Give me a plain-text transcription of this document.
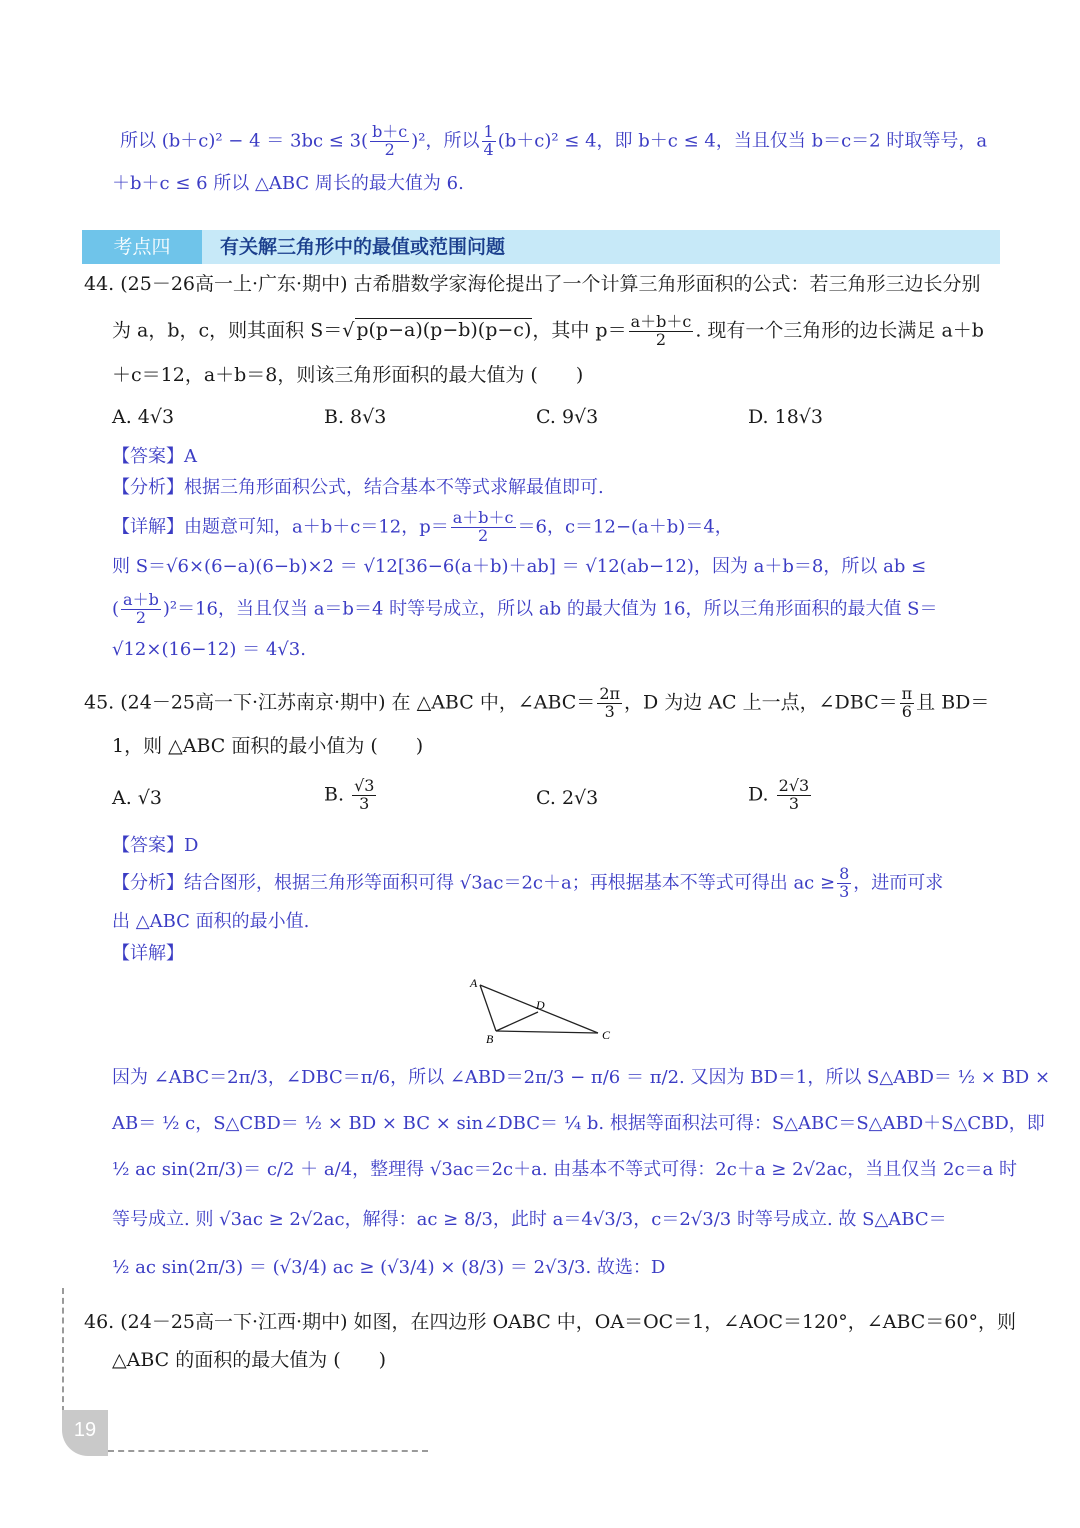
所以 $(b+c)^2 - 4 = 3bc \le 3( \frac{b+c}{2} )^2$，所以 $\frac{1}{4} (b+c)^2 \le 4$，即 b＋c ≤ 4，当且仅当 b＝c＝2 时取等号，a
＋b＋c ≤ 6 所以 △ABC 周长的最大值为 6.
考点四	有关解三角形中的最值或范围问题
44. (25－26高一上·广东·期中) 古希腊数学家海伦提出了一个计算三角形面积的公式：若三角形三边长分别
为 a，b，c，则其面积 S＝√ p(p−a)(p−b)(p−c)，其中 $p= \frac{a+b+c}{2}$ . 现有一个三角形的边长满足 a＋b
＋c＝12，a＋b＝8，则该三角形面积的最大值为 (　　)
A. 4√3	B. 8√3	C. 9√3	D. 18√3
【答案】A
【分析】根据三角形面积公式，结合基本不等式求解最值即可.
【详解】由题意可知，a＋b＋c＝12，$p= \frac{a+b+c}{2} =6$，c＝12−(a＋b)＝4，
则 S＝√6×(6−a)(6−b)×2 ＝ √12[36−6(a＋b)＋ab] ＝ √12(ab−12)，因为 a＋b＝8，所以 ab ≤
( $\frac{a+b}{2} )^2=16$，当且仅当 a＝b＝4 时等号成立，所以 ab 的最大值为 16，所以三角形面积的最大值 S＝
√12×(16−12) ＝ 4√3.
45. (24－25高一下·江苏南京·期中) 在 △ABC 中，∠ABC＝ $\frac{2\pi}{3}$ ，D 为边 AC 上一点，∠DBC＝ $\frac{\pi}{6}$ 且 BD＝
1，则 △ABC 面积的最小值为 (　　)
A. √3	B. $\frac{√3}{3}$	C. 2√3	D. $\frac{2√3}{3}$
【答案】D
【分析】结合图形，根据三角形等面积可得 √3ac＝2c＋a；再根据基本不等式可得出 ac ≥ $\frac{8}{3}$ ，进而可求
出 △ABC 面积的最小值.
【详解】
A
B	C
D
因为 ∠ABC＝2π/3，∠DBC＝π/6，所以 ∠ABD＝2π/3 − π/6 ＝ π/2. 又因为 BD＝1，所以 S△ABD＝ ½ × BD ×
AB＝ ½ c，S△CBD＝ ½ × BD × BC × sin∠DBC＝ ¼ b. 根据等面积法可得：S△ABC＝S△ABD＋S△CBD，即
½ ac sin(2π/3)＝ c/2 ＋ a/4，整理得 √3ac＝2c＋a. 由基本不等式可得：2c＋a ≥ 2√2ac，当且仅当 2c＝a 时
等号成立. 则 √3ac ≥ 2√2ac，解得：ac ≥ 8/3，此时 a＝4√3/3，c＝2√3/3 时等号成立. 故 S△ABC＝
½ ac sin(2π/3) ＝ (√3/4) ac ≥ (√3/4) × (8/3) ＝ 2√3/3. 故选：D
46. (24－25高一下·江西·期中) 如图，在四边形 OABC 中，OA＝OC＝1，∠AOC＝120°，∠ABC＝60°，则
△ABC 的面积的最大值为 (　　)
19
